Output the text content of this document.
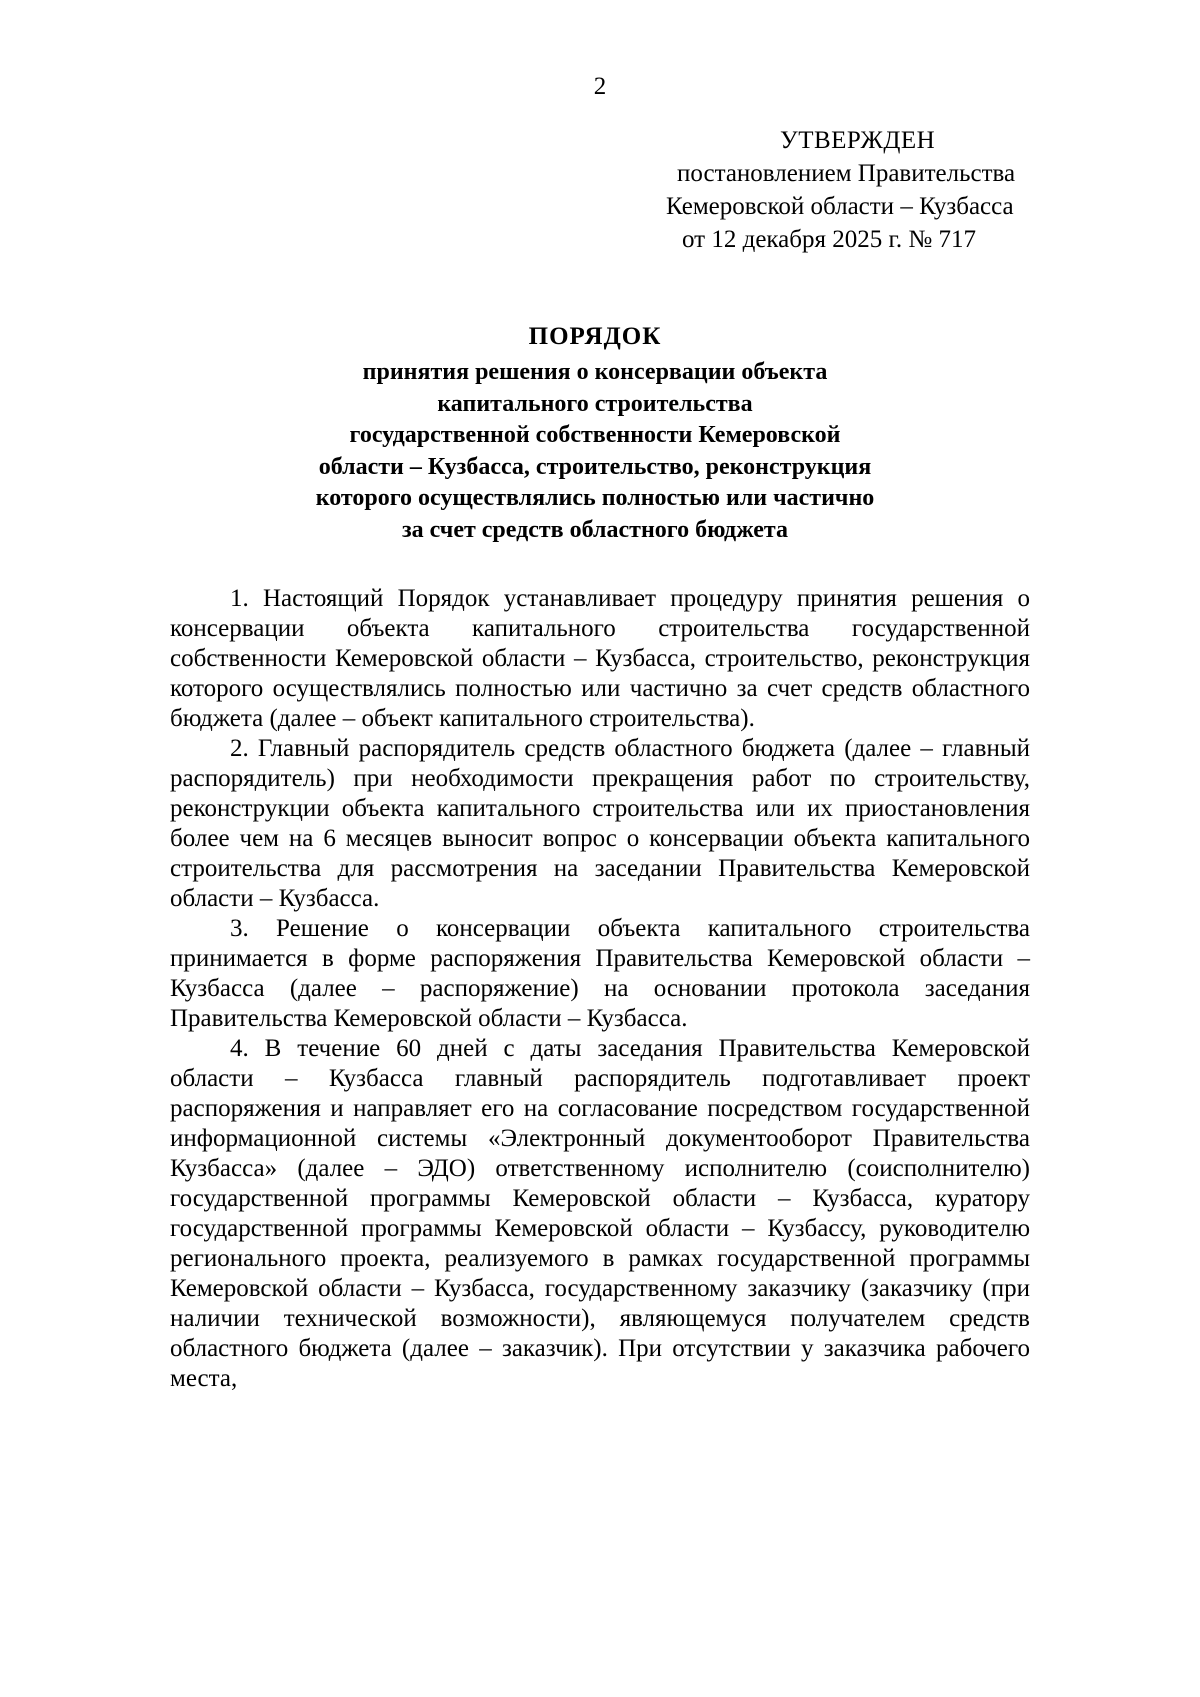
2
УТВЕРЖДЕН
постановлением Правительства
Кемеровской области – Кузбасса
от 12 декабря 2025 г. № 717
ПОРЯДОК
принятия решения о консервации объекта
капитального строительства
государственной собственности Кемеровской
области – Кузбасса, строительство, реконструкция
которого осуществлялись полностью или частично
за счет средств областного бюджета

1. Настоящий Порядок устанавливает процедуру принятия решения о консервации объекта капитального строительства государственной собственности Кемеровской области – Кузбасса, строительство, реконструкция которого осуществлялись полностью или частично за счет средств областного бюджета (далее – объект капитального строительства).

2. Главный распорядитель средств областного бюджета (далее – главный распорядитель) при необходимости прекращения работ по строительству, реконструкции объекта капитального строительства или их приостановления более чем на 6 месяцев выносит вопрос о консервации объекта капитального строительства для рассмотрения на заседании Правительства Кемеровской области – Кузбасса.

3. Решение о консервации объекта капитального строительства принимается в форме распоряжения Правительства Кемеровской области – Кузбасса (далее – распоряжение) на основании протокола заседания Правительства Кемеровской области – Кузбасса.

4. В течение 60 дней с даты заседания Правительства Кемеровской области – Кузбасса главный распорядитель подготавливает проект распоряжения и направляет его на согласование посредством государственной информационной системы «Электронный документооборот Правительства Кузбасса» (далее – ЭДО) ответственному исполнителю (соисполнителю) государственной программы Кемеровской области – Кузбасса, куратору государственной программы Кемеровской области – Кузбассу, руководителю регионального проекта, реализуемого в рамках государственной программы Кемеровской области – Кузбасса, государственному заказчику (заказчику (при наличии технической возможности), являющемуся получателем средств областного бюджета (далее – заказчик). При отсутствии у заказчика рабочего места,
